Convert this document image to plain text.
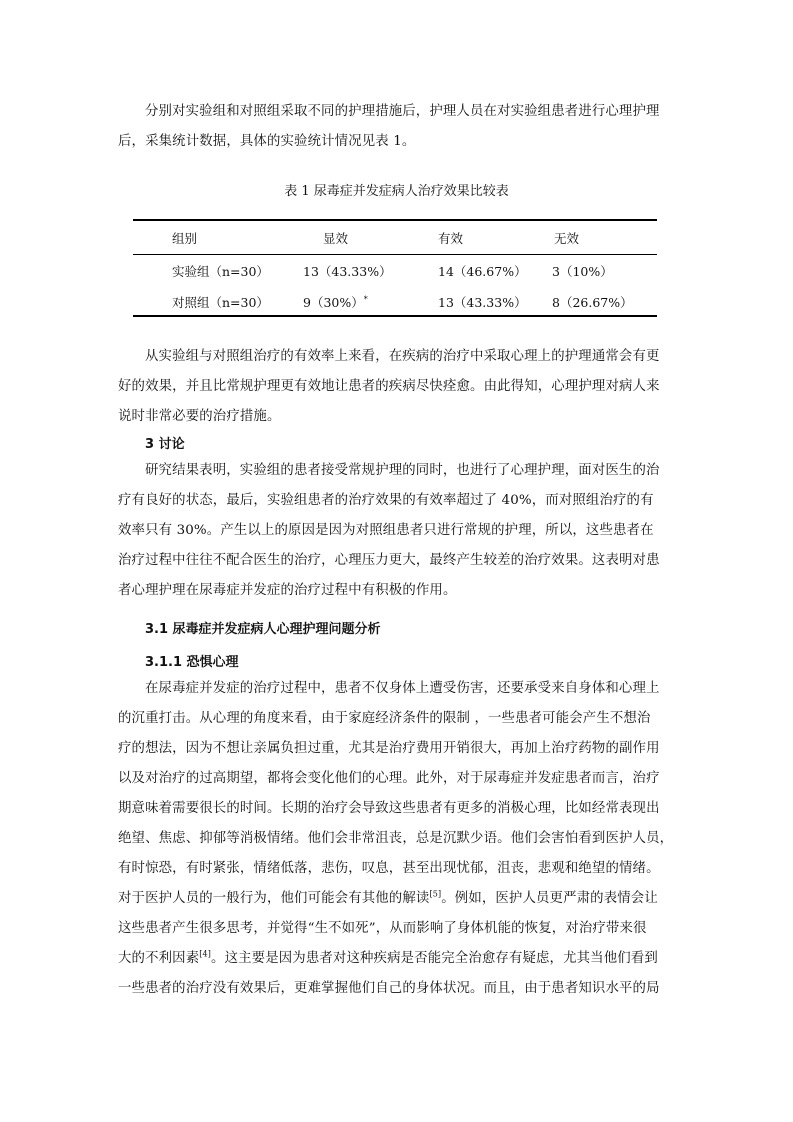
分别对实验组和对照组采取不同的护理措施后，护理人员在对实验组患者进行心理护理
后，采集统计数据，具体的实验统计情况见表 1。
表 1 尿毒症并发症病人治疗效果比较表
组别	显效	有效	无效
实验组（n=30）	13（43.33%）	14（46.67%） 3（10%）
对照组（n=30）	9（30%）*	13（43.33%） 8（26.67%）
从实验组与对照组治疗的有效率上来看，在疾病的治疗中采取心理上的护理通常会有更
好的效果，并且比常规护理更有效地让患者的疾病尽快痊愈。由此得知，心理护理对病人来
说时非常必要的治疗措施。
3 讨论
研究结果表明，实验组的患者接受常规护理的同时，也进行了心理护理，面对医生的治
疗有良好的状态，最后，实验组患者的治疗效果的有效率超过了 40%，而对照组治疗的有
效率只有 30%。产生以上的原因是因为对照组患者只进行常规的护理，所以，这些患者在
治疗过程中往往不配合医生的治疗，心理压力更大，最终产生较差的治疗效果。这表明对患
者心理护理在尿毒症并发症的治疗过程中有积极的作用。
3.1 尿毒症并发症病人心理护理问题分析
3.1.1 恐惧心理
在尿毒症并发症的治疗过程中，患者不仅身体上遭受伤害，还要承受来自身体和心理上
的沉重打击。从心理的角度来看，由于家庭经济条件的限制 ，一些患者可能会产生不想治
疗的想法，因为不想让亲属负担过重，尤其是治疗费用开销很大，再加上治疗药物的副作用
以及对治疗的过高期望，都将会变化他们的心理。此外，对于尿毒症并发症患者而言，治疗
期意味着需要很长的时间。长期的治疗会导致这些患者有更多的消极心理，比如经常表现出
绝望、焦虑、抑郁等消极情绪。他们会非常沮丧，总是沉默少语。他们会害怕看到医护人员，
有时惊恐，有时紧张，情绪低落，悲伤，叹息，甚至出现忧郁，沮丧，悲观和绝望的情绪。
对于医护人员的一般行为，他们可能会有其他的解读[5]。例如，医护人员更严肃的表情会让
这些患者产生很多思考，并觉得“生不如死”，从而影响了身体机能的恢复，对治疗带来很
大的不利因素[4]。这主要是因为患者对这种疾病是否能完全治愈存有疑虑，尤其当他们看到
一些患者的治疗没有效果后，更难掌握他们自己的身体状况。而且，由于患者知识水平的局
